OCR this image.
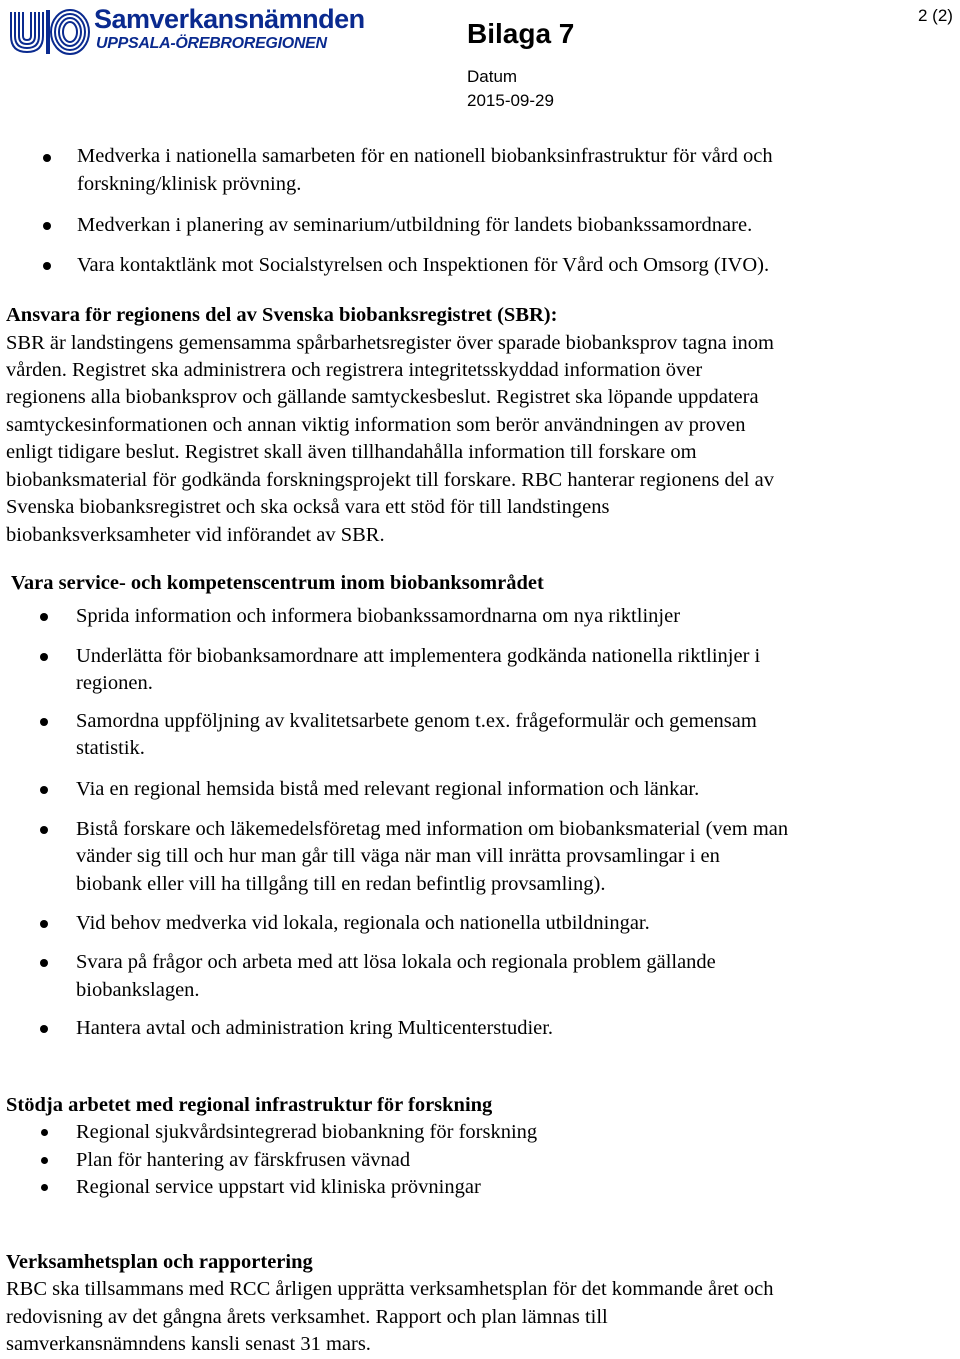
Samverkansnämnden
UPPSALA-ÖREBROREGIONEN	Bilaga 7
Datum
2015-09-29
2 (2)
Medverka i nationella samarbeten för en nationell biobanksinfrastruktur för vård och
forskning/klinisk prövning.
Medverkan i planering av seminarium/utbildning för landets biobankssamordnare.
Vara kontaktlänk mot Socialstyrelsen och Inspektionen för Vård och Omsorg (IVO).
Ansvara för regionens del av Svenska biobanksregistret (SBR):
SBR är landstingens gemensamma spårbarhetsregister över sparade biobanksprov tagna inom
vården. Registret ska administrera och registrera integritetsskyddad information över
regionens alla biobanksprov och gällande samtyckesbeslut. Registret ska löpande uppdatera
samtyckesinformationen och annan viktig information som berör användningen av proven
enligt tidigare beslut. Registret skall även tillhandahålla information till forskare om
biobanksmaterial för godkända forskningsprojekt till forskare. RBC hanterar regionens del av
Svenska biobanksregistret och ska också vara ett stöd för till landstingens
biobanksverksamheter vid införandet av SBR.
Vara service- och kompetenscentrum inom biobanksområdet
Sprida information och informera biobankssamordnarna om nya riktlinjer
Underlätta för biobanksamordnare att implementera godkända nationella riktlinjer i
regionen.
Samordna uppföljning av kvalitetsarbete genom t.ex. frågeformulär och gemensam
statistik.
Via en regional hemsida bistå med relevant regional information och länkar.
Bistå forskare och läkemedelsföretag med information om biobanksmaterial (vem man
vänder sig till och hur man går till väga när man vill inrätta provsamlingar i en
biobank eller vill ha tillgång till en redan befintlig provsamling).
Vid behov medverka vid lokala, regionala och nationella utbildningar.
Svara på frågor och arbeta med att lösa lokala och regionala problem gällande
biobankslagen.
Hantera avtal och administration kring Multicenterstudier.
Stödja arbetet med regional infrastruktur för forskning
Regional sjukvårdsintegrerad biobankning för forskning
Plan för hantering av färskfrusen vävnad
Regional service uppstart vid kliniska prövningar
Verksamhetsplan och rapportering
RBC ska tillsammans med RCC årligen upprätta verksamhetsplan för det kommande året och
redovisning av det gångna årets verksamhet. Rapport och plan lämnas till
samverkansnämndens kansli senast 31 mars.
